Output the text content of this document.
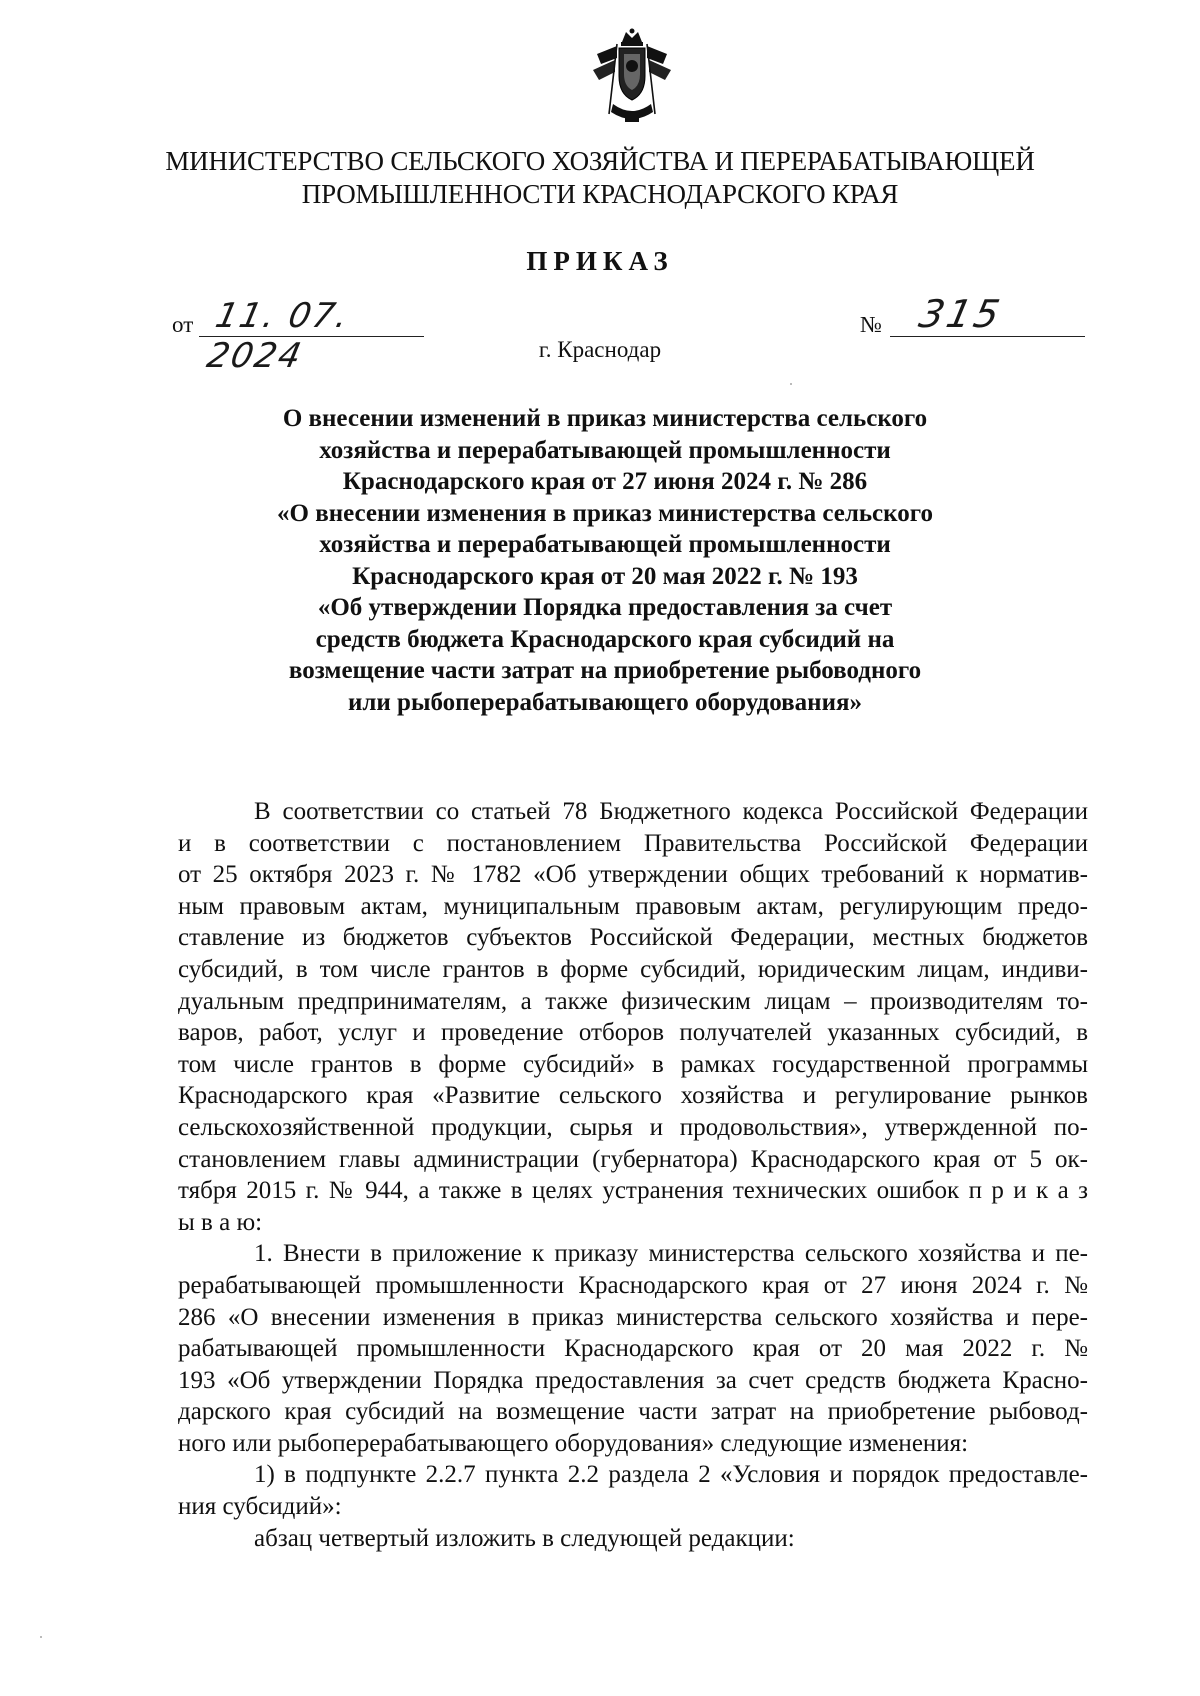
МИНИСТЕРСТВО СЕЛЬСКОГО ХОЗЯЙСТВА И ПЕРЕРАБАТЫВАЮЩЕЙ
ПРОМЫШЛЕННОСТИ КРАСНОДАРСКОГО КРАЯ
ПРИКАЗ
от 11. 07. 2024
№ 315
г. Краснодар
О внесении изменений в приказ министерства сельского
хозяйства и перерабатывающей промышленности
Краснодарского края от 27 июня 2024 г. № 286
«О внесении изменения в приказ министерства сельского
хозяйства и перерабатывающей промышленности
Краснодарского края от 20 мая 2022 г. № 193
«Об утверждении Порядка предоставления за счет
средств бюджета Краснодарского края субсидий на
возмещение части затрат на приобретение рыбоводного
или рыбоперерабатывающего оборудования»
В соответствии со статьей 78 Бюджетного кодекса Российской Федерации
и в соответствии с постановлением Правительства Российской Федерации
от 25 октября 2023 г. № 1782 «Об утверждении общих требований к норматив-
ным правовым актам, муниципальным правовым актам, регулирующим предо-
ставление из бюджетов субъектов Российской Федерации, местных бюджетов
субсидий, в том числе грантов в форме субсидий, юридическим лицам, индиви-
дуальным предпринимателям, а также физическим лицам – производителям то-
варов, работ, услуг и проведение отборов получателей указанных субсидий, в
том числе грантов в форме субсидий» в рамках государственной программы
Краснодарского края «Развитие сельского хозяйства и регулирование рынков
сельскохозяйственной продукции, сырья и продовольствия», утвержденной по-
становлением главы администрации (губернатора) Краснодарского края от 5 ок-
тября 2015 г. № 944, а также в целях устранения технических ошибок п р и к а з
ы в а ю:
1. Внести в приложение к приказу министерства сельского хозяйства и пе-
рерабатывающей промышленности Краснодарского края от 27 июня 2024 г. №
286 «О внесении изменения в приказ министерства сельского хозяйства и пере-
рабатывающей промышленности Краснодарского края от 20 мая 2022 г. №
193 «Об утверждении Порядка предоставления за счет средств бюджета Красно-
дарского края субсидий на возмещение части затрат на приобретение рыбовод-
ного или рыбоперерабатывающего оборудования» следующие изменения:
1) в подпункте 2.2.7 пункта 2.2 раздела 2 «Условия и порядок предоставле-
ния субсидий»:
абзац четвертый изложить в следующей редакции:
